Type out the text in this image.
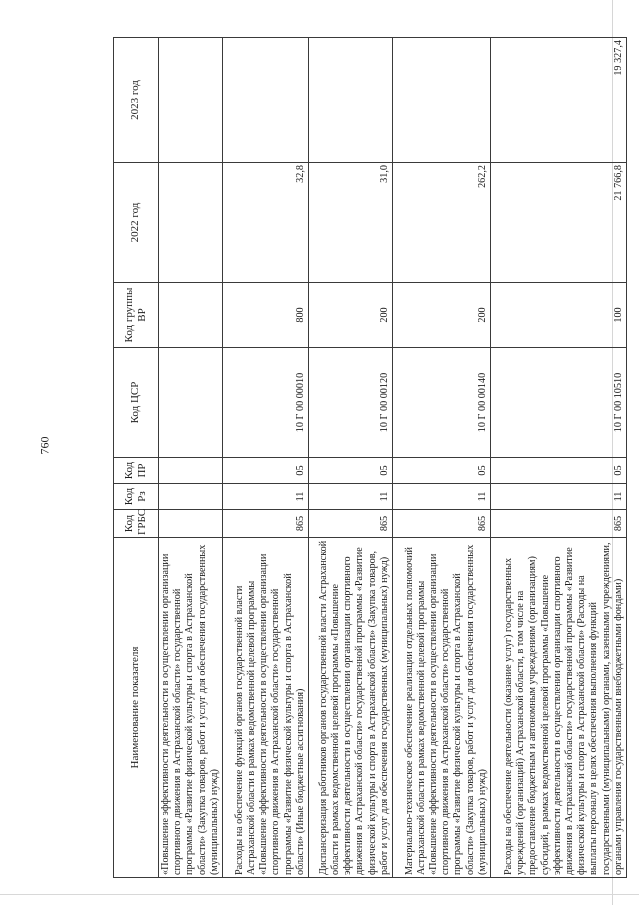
760
Наименование показателя	Код ГРБС	Код Рз	Код ПР	Код ЦСР	Код группы ВР	2022 год	2023 год
«Повышение эффективности деятельности в осуществлении организации спортивного движения в Астраханской области» государственной программы «Развитие физической культуры и спорта в Астраханской области» (Закупка товаров, работ и услуг для обеспечения государственных (муниципальных) нужд)							
Расходы на обеспечение функций органов государственной власти Астраханской области в рамках ведомственной целевой программы «Повышение эффективности деятельности в осуществлении организации спортивного движения в Астраханской области» государственной программы «Развитие физической культуры и спорта в Астраханской области» (Иные бюджетные ассигнования)	865	11	05	10 Г 00 00010	800	32,8	
Диспансеризация работников органов государственной власти Астраханской области в рамках ведомственной целевой программы «Повышение эффективности деятельности в осуществлении организации спортивного движения в Астраханской области» государственной программы «Развитие физической культуры и спорта в Астраханской области» (Закупка товаров, работ и услуг для обеспечения государственных (муниципальных) нужд)	865	11	05	10 Г 00 00120	200	31,0	
Материально-техническое обеспечение реализации отдельных полномочий Астраханской области в рамках ведомственной целевой программы «Повышение эффективности деятельности в осуществлении организации спортивного движения в Астраханской области» государственной программы «Развитие физической культуры и спорта в Астраханской области» (Закупка товаров, работ и услуг для обеспечения государственных (муниципальных) нужд)	865	11	05	10 Г 00 00140	200	262,2	
Расходы на обеспечение деятельности (оказание услуг) государственных учреждений (организаций) Астраханской области, в том числе на предоставление бюджетным и автономным учреждениям (организациям) субсидий, в рамках ведомственной целевой программы «Повышение эффективности деятельности в осуществлении организации спортивного движения в Астраханской области» государственной программы «Развитие физической культуры и спорта в Астраханской области» (Расходы на выплаты персоналу в целях обеспечения выполнения функций государственными (муниципальными) органами, казенными учреждениями, органами управления государственными внебюджетными фондами)	865	11	05	10 Г 00 10510	100	21 766,8	19 327,4
